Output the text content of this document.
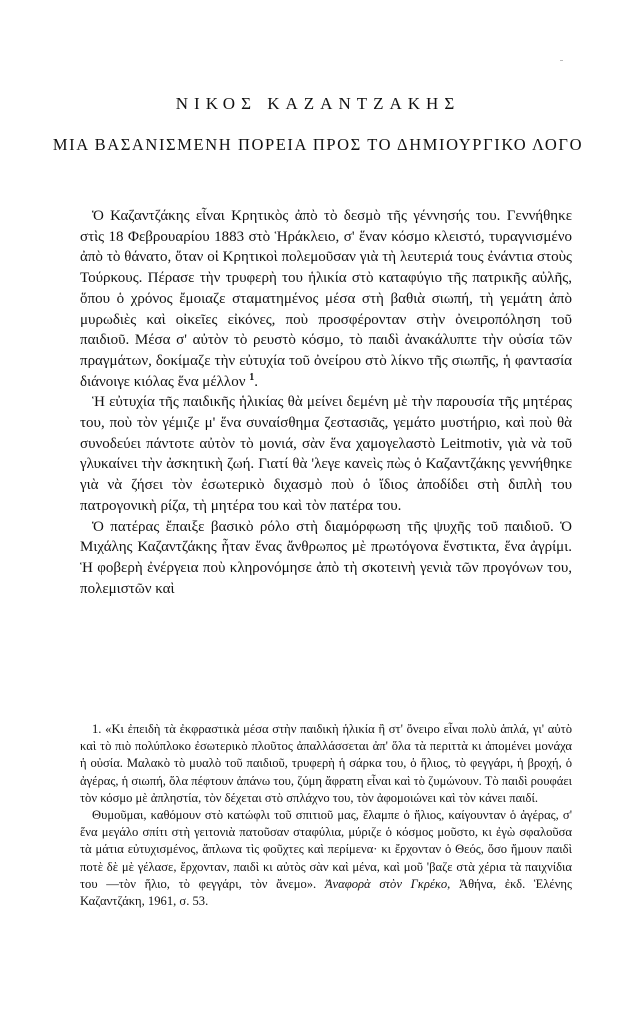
ΝΙΚΟΣ ΚΑΖΑΝΤΖΑΚΗΣ
ΜΙΑ ΒΑΣΑΝΙΣΜΕΝΗ ΠΟΡΕΙΑ ΠΡΟΣ ΤΟ ΔΗΜΙΟΥΡΓΙΚΟ ΛΟΓΟ

Ὁ Καζαντζάκης εἶναι Κρητικὸς ἀπὸ τὸ δεσμὸ τῆς γέννησής του. Γεννήθηκε στὶς 18 Φεβρουαρίου 1883 στὸ Ἡράκλειο, σ' ἕναν κόσμο κλειστό, τυραγνισμένο ἀπὸ τὸ θάνατο, ὅταν οἱ Κρητικοὶ πολεμοῦσαν γιὰ τὴ λευτεριά τους ἐνάντια στοὺς Τούρκους. Πέρασε τὴν τρυφερὴ του ἡλικία στὸ καταφύγιο τῆς πατρικῆς αὐλῆς, ὅπου ὁ χρόνος ἔμοιαζε σταματημένος μέσα στὴ βαθιὰ σιωπή, τὴ γεμάτη ἀπὸ μυρωδιὲς καὶ οἰκεῖες εἰκόνες, ποὺ προσφέρονταν στὴν ὀνειροπόληση τοῦ παιδιοῦ. Μέσα σ' αὐτὸν τὸ ρευστὸ κόσμο, τὸ παιδὶ ἀνακάλυπτε τὴν οὐσία τῶν πραγμάτων, δοκίμαζε τὴν εὐτυχία τοῦ ὀνείρου στὸ λίκνο τῆς σιωπῆς, ἡ φαντασία διάνοιγε κιόλας ἕνα μέλλον $^1$.

Ἡ εὐτυχία τῆς παιδικῆς ἡλικίας θὰ μείνει δεμένη μὲ τὴν παρουσία τῆς μητέρας του, ποὺ τὸν γέμιζε μ' ἕνα συναίσθημα ζεστασιᾶς, γεμάτο μυστήριο, καὶ ποὺ θὰ συνοδεύει πάντοτε αὐτὸν τὸ μονιά, σὰν ἕνα χαμογελαστὸ Leitmotiv, γιὰ νὰ τοῦ γλυκαίνει τὴν ἀσκητικὴ ζωή. Γιατί θὰ 'λεγε κανεὶς πὼς ὁ Καζαντζάκης γεννήθηκε γιὰ νὰ ζήσει τὸν ἐσωτερικὸ διχασμὸ ποὺ ὁ ἴδιος ἀποδίδει στὴ διπλὴ του πατρογονικὴ ρίζα, τὴ μητέρα του καὶ τὸν πατέρα του.

Ὁ πατέρας ἔπαιξε βασικὸ ρόλο στὴ διαμόρφωση τῆς ψυχῆς τοῦ παιδιοῦ. Ὁ Μιχάλης Καζαντζάκης ἦταν ἕνας ἄνθρωπος μὲ πρωτόγονα ἔνστικτα, ἕνα ἀγρίμι. Ἡ φοβερὴ ἐνέργεια ποὺ κληρονόμησε ἀπὸ τὴ σκοτεινὴ γενιὰ τῶν προγόνων του, πολεμιστῶν καὶ

1. «Κι ἐπειδὴ τὰ ἐκφραστικὰ μέσα στὴν παιδικὴ ἡλικία ἢ στ' ὄνειρο εἶναι πολὺ ἁπλά, γι' αὐτὸ καὶ τὸ πιὸ πολύπλοκο ἐσωτερικὸ πλοῦτος ἀπαλλάσσεται ἀπ' ὅλα τὰ περιττὰ κι ἀπομένει μονάχα ἡ οὐσία. Μαλακὸ τὸ μυαλὸ τοῦ παιδιοῦ, τρυφερὴ ἡ σάρκα του, ὁ ἥλιος, τὸ φεγγάρι, ἡ βροχή, ὁ ἀγέρας, ἡ σιωπή, ὅλα πέφτουν ἀπάνω του, ζύμη ἄφρατη εἶναι καὶ τὸ ζυμώνουν. Τὸ παιδὶ ρουφάει τὸν κόσμο μὲ ἀπληστία, τὸν δέχεται στὸ σπλάχνο του, τὸν ἀφομοιώνει καὶ τὸν κάνει παιδί.

Θυμοῦμαι, καθόμουν στὸ κατώφλι τοῦ σπιτιοῦ μας, ἔλαμπε ὁ ἥλιος, καίγουνταν ὁ ἀγέρας, σ' ἕνα μεγάλο σπίτι στὴ γειτονιὰ πατοῦσαν σταφύλια, μύριζε ὁ κόσμος μοῦστο, κι ἐγὼ σφαλοῦσα τὰ μάτια εὐτυχισμένος, ἅπλωνα τὶς φοῦχτες καὶ περίμενα· κι ἔρχονταν ὁ Θεός, ὅσο ἤμουν παιδὶ ποτὲ δὲ μὲ γέλασε, ἔρχονταν, παιδὶ κι αὐτὸς σὰν καὶ μένα, καὶ μοῦ 'βαζε στὰ χέρια τὰ παιχνίδια του —τὸν ἥλιο, τὸ φεγγάρι, τὸν ἄνεμο». Ἀναφορὰ στὸν Γκρέκο, Ἀθήνα, ἐκδ. Ἑλένης Καζαντζάκη, 1961, σ. 53.
